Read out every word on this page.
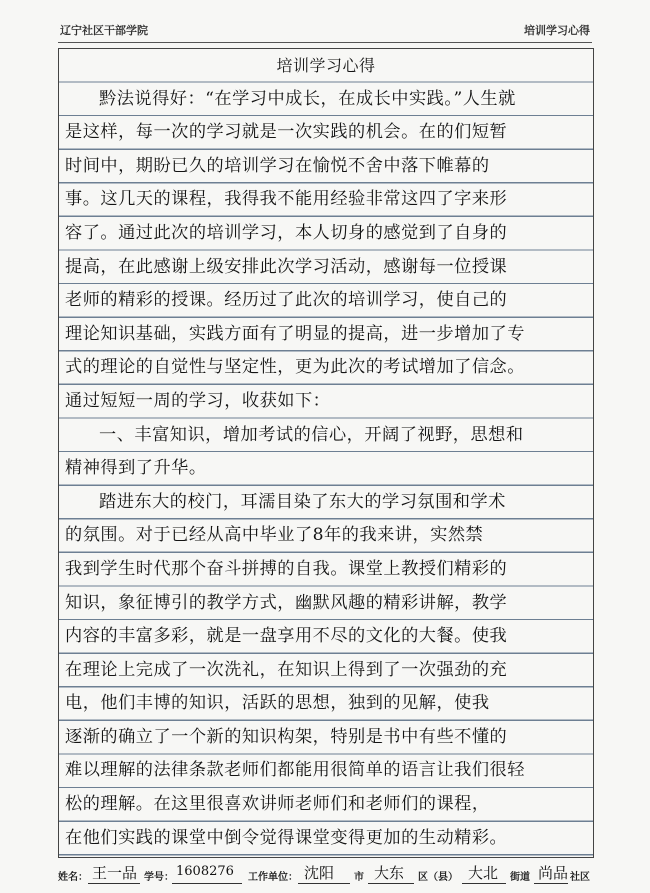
辽宁社区干部学院	培训学习心得
培训学习心得
黔法说得好：“在学习中成长，在成长中实践。”人生就
是这样，每一次的学习就是一次实践的机会。在的们短暂
时间中，期盼已久的培训学习在愉悦不舍中落下帷幕的
事。这几天的课程，我得我不能用经验非常这四了字来形
容了。通过此次的培训学习，本人切身的感觉到了自身的
提高，在此感谢上级安排此次学习活动，感谢每一位授课
老师的精彩的授课。经历过了此次的培训学习，使自己的
理论知识基础，实践方面有了明显的提高，进一步增加了专
式的理论的自觉性与坚定性，更为此次的考试增加了信念。
通过短短一周的学习，收获如下：
一、丰富知识，增加考试的信心，开阔了视野，思想和
精神得到了升华。
踏进东大的校门，耳濡目染了东大的学习氛围和学术
的氛围。对于已经从高中毕业了8年的我来讲，实然禁
我到学生时代那个奋斗拼搏的自我。课堂上教授们精彩的
知识，象征博引的教学方式，幽默风趣的精彩讲解，教学
内容的丰富多彩，就是一盘享用不尽的文化的大餐。使我
在理论上完成了一次洗礼，在知识上得到了一次强劲的充
电，他们丰博的知识，活跃的思想，独到的见解，使我
逐渐的确立了一个新的知识构架，特别是书中有些不懂的
难以理解的法律条款老师们都能用很简单的语言让我们很轻
松的理解。在这里很喜欢讲师老师们和老师们的课程，
在他们实践的课堂中倒令觉得课堂变得更加的生动精彩。
姓名： 王一品 学号： 1608276 工作单位： 沈阳 市 大东 区（县） 大北 街道 尚品 社区
